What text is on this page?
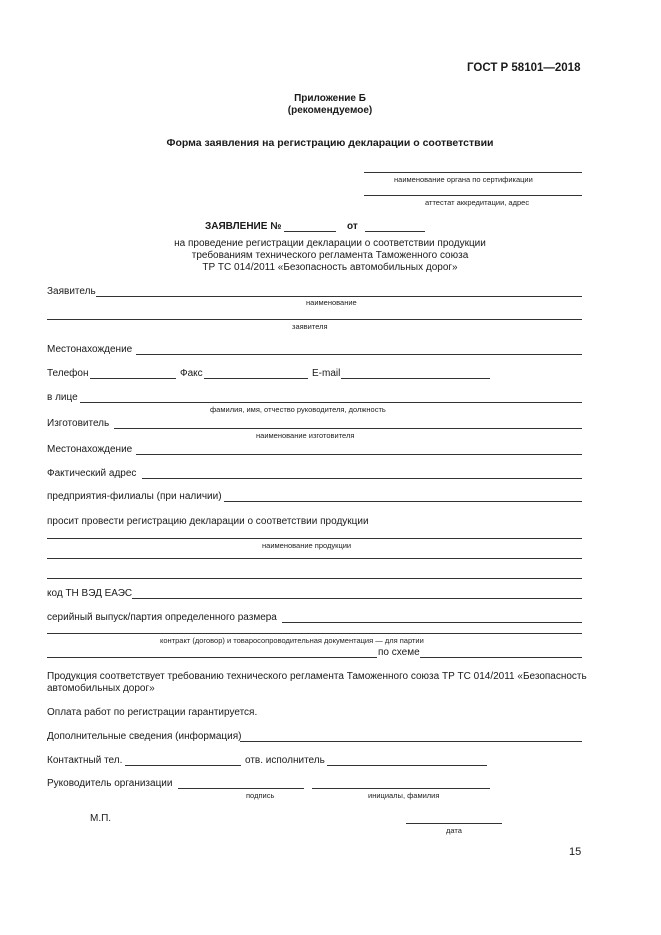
ГОСТ Р 58101—2018
Приложение Б
(рекомендуемое)
Форма заявления на регистрацию декларации о соответствии
наименование органа по сертификации
аттестат аккредитации, адрес
ЗАЯВЛЕНИЕ №	от
на проведение регистрации декларации о соответствии продукции
требованиям технического регламента Таможенного союза
ТР ТС 014/2011 «Безопасность автомобильных дорог»
Заявитель
наименование
заявителя
Местонахождение
Телефон	Факс	E-mail
в лице
фамилия, имя, отчество руководителя, должность
Изготовитель
наименование изготовителя
Местонахождение
Фактический адрес
предприятия-филиалы (при наличии)
просит провести регистрацию декларации о соответствии продукции
наименование продукции
код ТН ВЭД ЕАЭС
серийный выпуск/партия определенного размера
контракт (договор) и товаросопроводительная документация — для партии
по схеме
Продукция соответствует требованию технического регламента Таможенного союза ТР ТС 014/2011 «Безопасность
автомобильных дорог»
Оплата работ по регистрации гарантируется.
Дополнительные сведения (информация)
Контактный тел.	отв. исполнитель
Руководитель организации
подпись	инициалы, фамилия
М.П.
дата
15
